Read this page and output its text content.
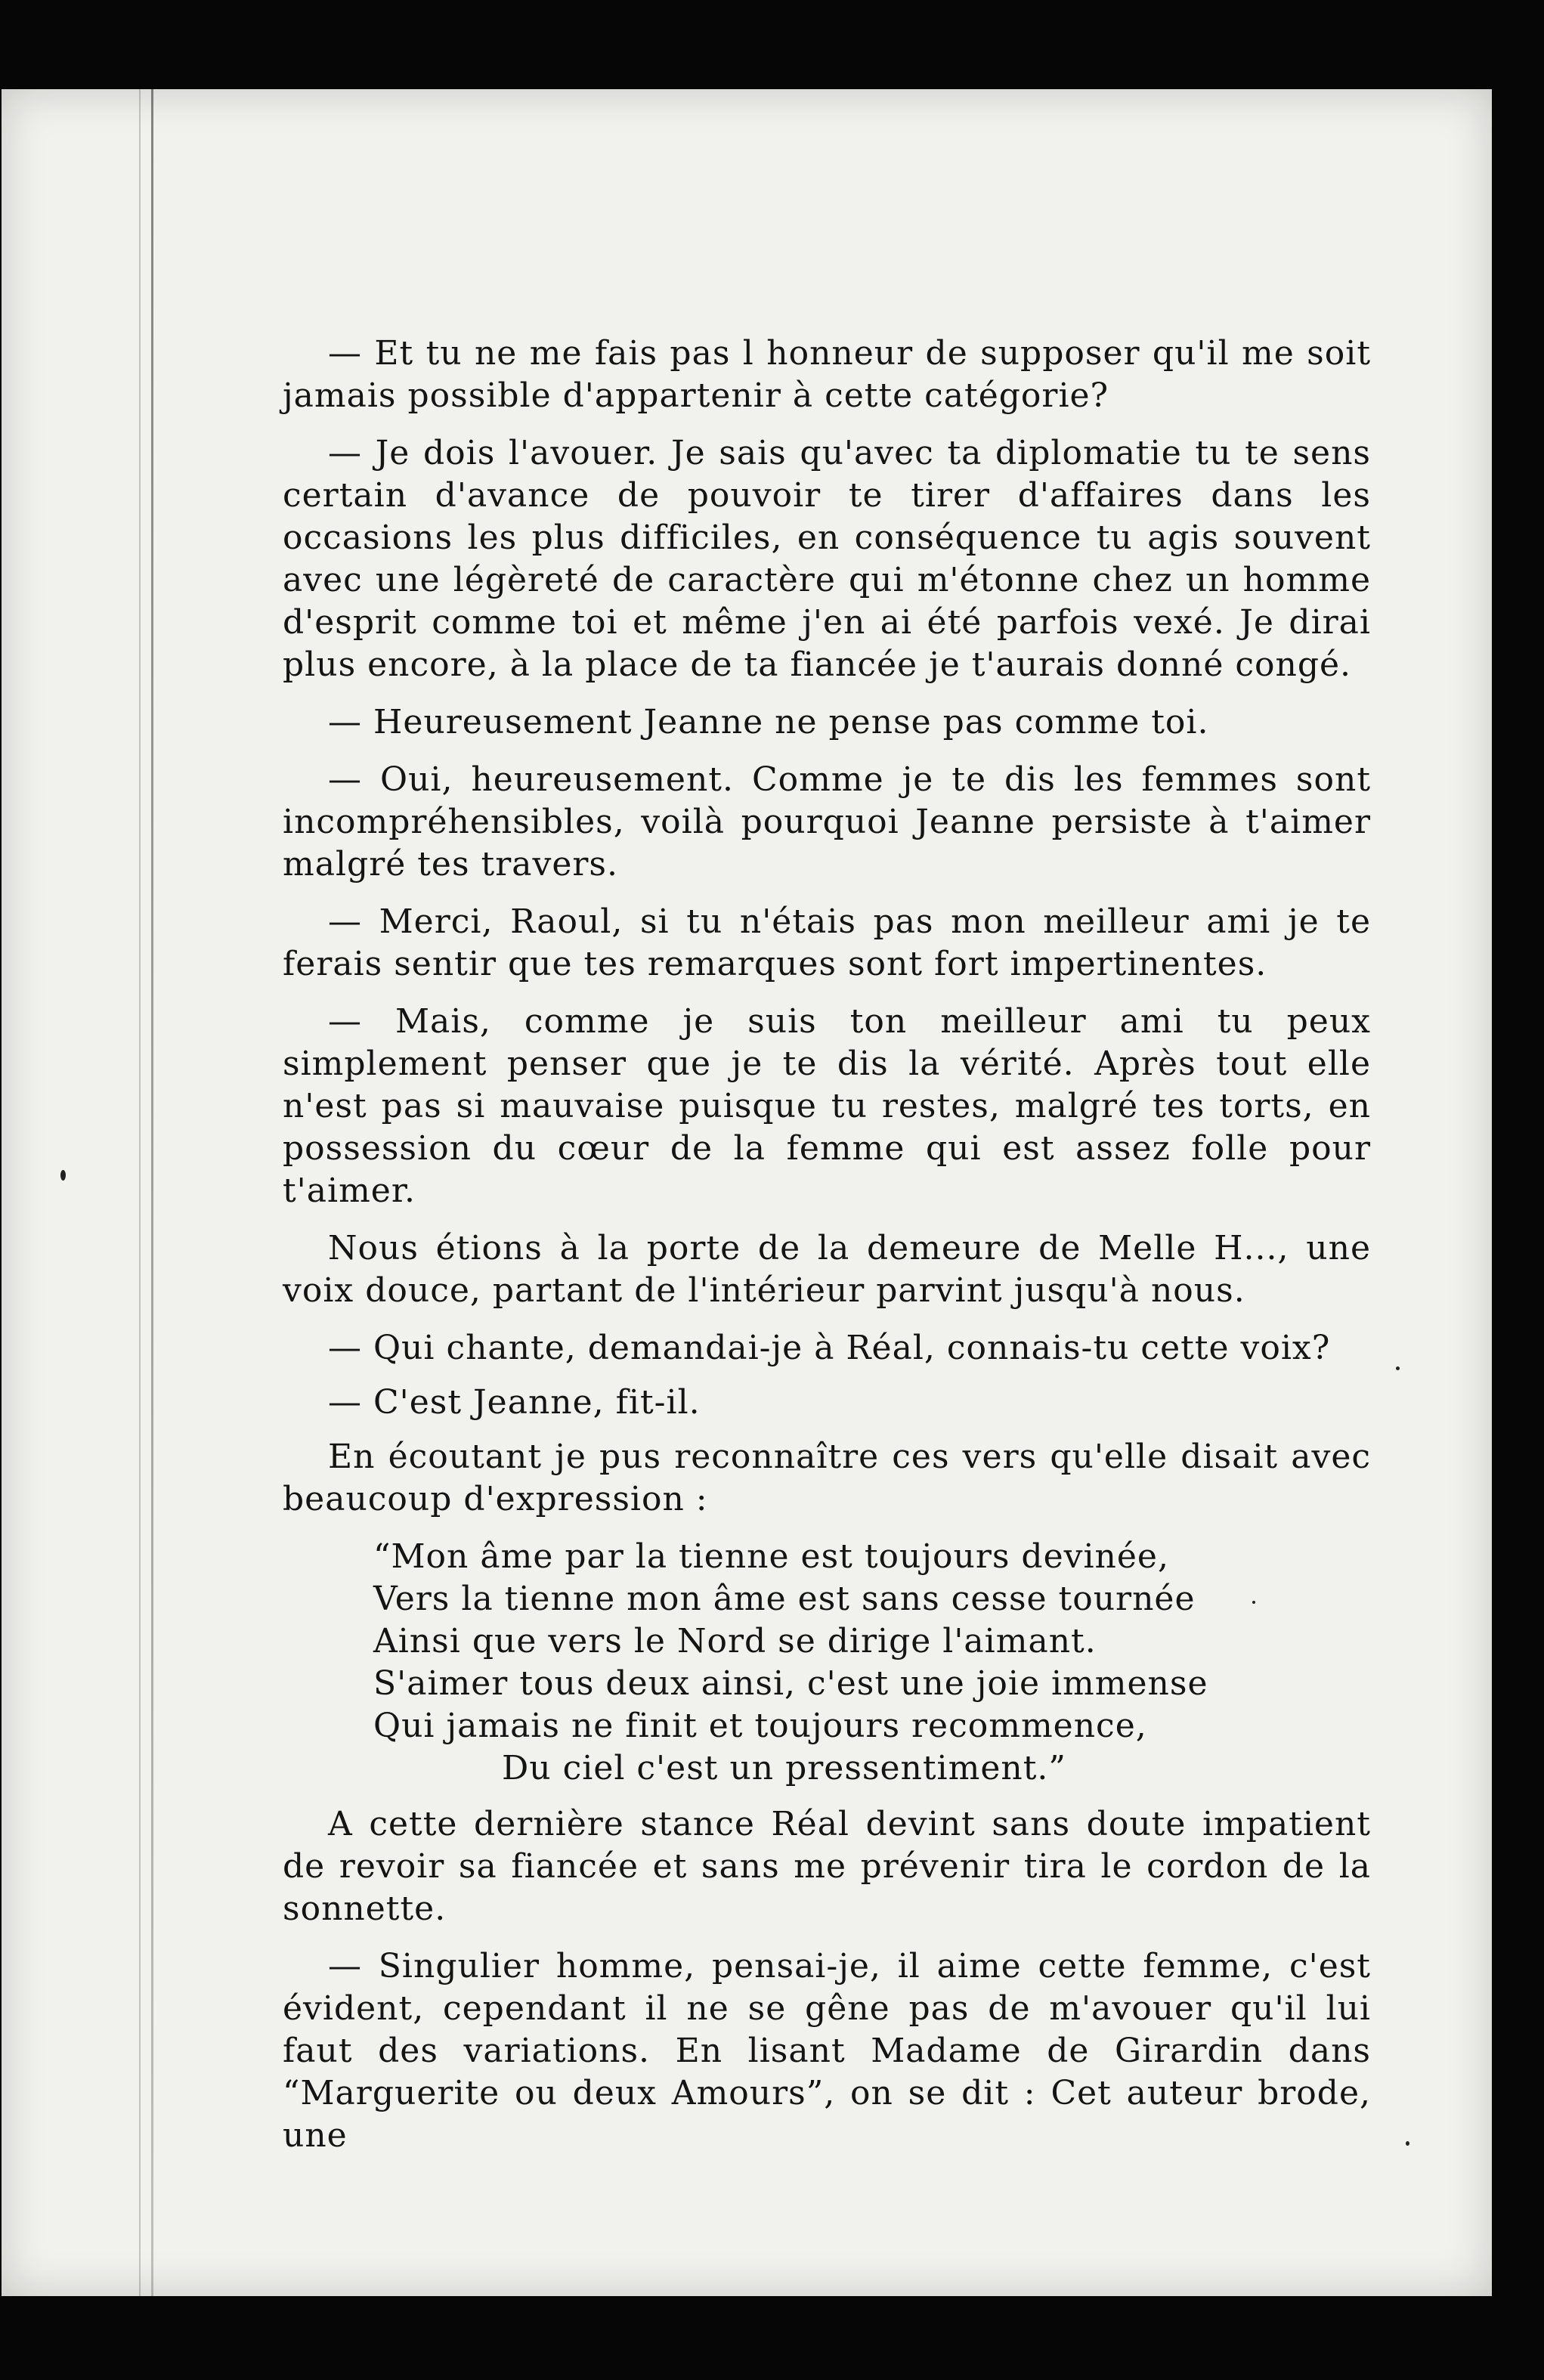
— Et tu ne me fais pas l honneur de supposer qu'il me soit jamais possible d'appartenir à cette catégorie?

— Je dois l'avouer. Je sais qu'avec ta diplomatie tu te sens certain d'avance de pouvoir te tirer d'affaires dans les occasions les plus difficiles, en conséquence tu agis souvent avec une légèreté de caractère qui m'étonne chez un homme d'esprit comme toi et même j'en ai été parfois vexé. Je dirai plus encore, à la place de ta fiancée je t'aurais donné congé.

— Heureusement Jeanne ne pense pas comme toi.

— Oui, heureusement. Comme je te dis les femmes sont incompréhensibles, voilà pourquoi Jeanne persiste à t'aimer malgré tes travers.

— Merci, Raoul, si tu n'étais pas mon meilleur ami je te ferais sentir que tes remarques sont fort impertinentes.

— Mais, comme je suis ton meilleur ami tu peux simplement penser que je te dis la vérité. Après tout elle n'est pas si mauvaise puisque tu restes, malgré tes torts, en possession du cœur de la femme qui est assez folle pour t'aimer.

Nous étions à la porte de la demeure de Melle H..., une voix douce, partant de l'intérieur parvint jusqu'à nous.

— Qui chante, demandai-je à Réal, connais-tu cette voix?

— C'est Jeanne, fit-il.

En écoutant je pus reconnaître ces vers qu'elle disait avec beaucoup d'expression :

“Mon âme par la tienne est toujours devinée,
Vers la tienne mon âme est sans cesse tournée
Ainsi que vers le Nord se dirige l'aimant.
S'aimer tous deux ainsi, c'est une joie immense
Qui jamais ne finit et toujours recommence,
Du ciel c'est un pressentiment.”

A cette dernière stance Réal devint sans doute impatient de revoir sa fiancée et sans me prévenir tira le cordon de la sonnette.

— Singulier homme, pensai-je, il aime cette femme, c'est évident, cependant il ne se gêne pas de m'avouer qu'il lui faut des variations. En lisant Madame de Girardin dans “Marguerite ou deux Amours”, on se dit : Cet auteur brode, une
